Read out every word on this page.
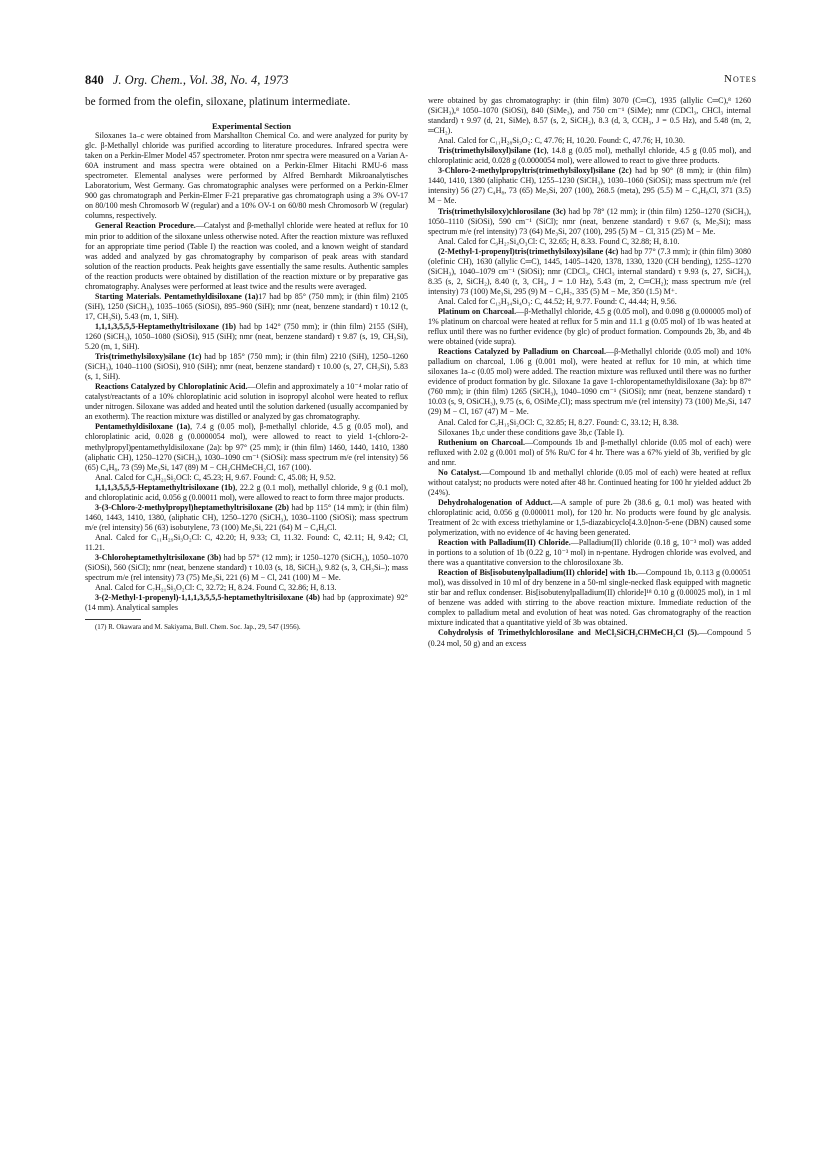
840 J. Org. Chem., Vol. 38, No. 4, 1973	Notes

be formed from the olefin, siloxane, platinum intermediate.

Experimental Section

Siloxanes 1a–c were obtained from Marshallton Chemical Co. and were analyzed for purity by glc. β-Methallyl chloride was purified according to literature procedures. Infrared spectra were taken on a Perkin-Elmer Model 457 spectrometer. Proton nmr spectra were measured on a Varian A-60A instrument and mass spectra were obtained on a Perkin-Elmer Hitachi RMU-6 mass spectrometer. Elemental analyses were performed by Alfred Bernhardt Mikroanalytisches Laboratorium, West Germany. Gas chromatographic analyses were performed on a Perkin-Elmer 900 gas chromatograph and Perkin-Elmer F-21 preparative gas chromatograph using a 3% OV-17 on 80/100 mesh Chromosorb W (regular) and a 10% OV-1 on 60/80 mesh Chromosorb W (regular) columns, respectively.

General Reaction Procedure.—Catalyst and β-methallyl chloride were heated at reflux for 10 min prior to addition of the siloxane unless otherwise noted. After the reaction mixture was refluxed for an appropriate time period (Table I) the reaction was cooled, and a known weight of standard was added and analyzed by gas chromatography by comparison of peak areas with standard solution of the reaction products. Peak heights gave essentially the same results. Authentic samples of the reaction products were obtained by distillation of the reaction mixture or by preparative gas chromatography. Analyses were performed at least twice and the results were averaged.

Starting Materials. Pentamethyldisiloxane (1a)17 had bp 85° (750 mm); ir (thin film) 2105 (SiH), 1250 (SiCH₃), 1035–1065 (SiOSi), 895–960 (SiH); nmr (neat, benzene standard) τ 10.12 (t, 17, CH₃Si), 5.43 (m, 1, SiH).

1,1,1,3,5,5,5-Heptamethyltrisiloxane (1b) had bp 142° (750 mm); ir (thin film) 2155 (SiH), 1260 (SiCH₃), 1050–1080 (SiOSi), 915 (SiH); nmr (neat, benzene standard) τ 9.87 (s, 19, CH₃Si), 5.20 (m, 1, SiH).

Tris(trimethylsiloxy)silane (1c) had bp 185° (750 mm); ir (thin film) 2210 (SiH), 1250–1260 (SiCH₃), 1040–1100 (SiOSi), 910 (SiH); nmr (neat, benzene standard) τ 10.00 (s, 27, CH₃Si), 5.83 (s, 1, SiH).

Reactions Catalyzed by Chloroplatinic Acid.—Olefin and approximately a 10⁻⁴ molar ratio of catalyst/reactants of a 10% chloroplatinic acid solution in isopropyl alcohol were heated to reflux under nitrogen. Siloxane was added and heated until the solution darkened (usually accompanied by an exotherm). The reaction mixture was distilled or analyzed by gas chromatography.

Pentamethyldisiloxane (1a), 7.4 g (0.05 mol), β-methallyl chloride, 4.5 g (0.05 mol), and chloroplatinic acid, 0.028 g (0.0000054 mol), were allowed to react to yield 1-(chloro-2-methylpropyl)pentamethyldisiloxane (2a): bp 97° (25 mm); ir (thin film) 1460, 1440, 1410, 1380 (aliphatic CH), 1250–1270 (SiCH₃), 1030–1090 cm⁻¹ (SiOSi): mass spectrum m/e (rel intensity) 56 (65) C₄H₈, 73 (59) Me₃Si, 147 (89) M − CH₂CHMeCH₂Cl, 167 (100).

Anal. Calcd for C₈H₂₁Si₂OCl: C, 45.23; H, 9.67. Found: C, 45.08; H, 9.52.

1,1,1,3,5,5,5-Heptamethyltrisiloxane (1b), 22.2 g (0.1 mol), methallyl chloride, 9 g (0.1 mol), and chloroplatinic acid, 0.056 g (0.00011 mol), were allowed to react to form three major products.

3-(3-Chloro-2-methylpropyl)heptamethyltrisiloxane (2b) had bp 115° (14 mm); ir (thin film) 1460, 1443, 1410, 1380, (aliphatic CH), 1250–1270 (SiCH₃), 1030–1100 (SiOSi); mass spectrum m/e (rel intensity) 56 (63) isobutylene, 73 (100) Me₃Si, 221 (64) M − C₄H₈Cl.

Anal. Calcd for C₁₁H₂₉Si₃O₂Cl: C, 42.20; H, 9.33; Cl, 11.32. Found: C, 42.11; H, 9.42; Cl, 11.21.

3-Chloroheptamethyltrisiloxane (3b) had bp 57° (12 mm); ir 1250–1270 (SiCH₃), 1050–1070 (SiOSi), 560 (SiCl); nmr (neat, benzene standard) τ 10.03 (s, 18, SiCH₃), 9.82 (s, 3, CH₃Si–); mass spectrum m/e (rel intensity) 73 (75) Me₃Si, 221 (6) M − Cl, 241 (100) M − Me.

Anal. Calcd for C₇H₂₁Si₃O₂Cl: C, 32.72; H, 8.24. Found C, 32.86; H, 8.13.

3-(2-Methyl-1-propenyl)-1,1,1,3,5,5,5-heptamethyltrisiloxane (4b) had bp (approximate) 92° (14 mm). Analytical samples

(17) R. Okawara and M. Sakiyama, Bull. Chem. Soc. Jap., 29, 547 (1956).

were obtained by gas chromatography: ir (thin film) 3070 (C═C), 1935 (allylic C═C),⁸ 1260 (SiCH₃),⁸ 1050–1070 (SiOSi), 840 (SiMe₃), and 750 cm⁻¹ (SiMe); nmr (CDCl₃, CHCl₃ internal standard) τ 9.97 (d, 21, SiMe), 8.57 (s, 2, SiCH₂), 8.3 (d, 3, CCH₃, J = 0.5 Hz), and 5.48 (m, 2, ═CH₂).

Anal. Calcd for C₁₁H₂₈Si₃O₂: C, 47.76; H, 10.20. Found: C, 47.76; H, 10.30.

Tris(trimethylsiloxyl)silane (1c), 14.8 g (0.05 mol), methallyl chloride, 4.5 g (0.05 mol), and chloroplatinic acid, 0.028 g (0.0000054 mol), were allowed to react to give three products.

3-Chloro-2-methylpropyltris(trimethylsiloxyl)silane (2c) had bp 90° (8 mm); ir (thin film) 1440, 1410, 1380 (aliphatic CH), 1255–1230 (SiCH₃), 1030–1060 (SiOSi); mass spectrum m/e (rel intensity) 56 (27) C₄H₈, 73 (65) Me₃Si, 207 (100), 268.5 (meta), 295 (5.5) M − C₄H₈Cl, 371 (3.5) M − Me.

Tris(trimethylsiloxy)chlorosilane (3c) had bp 78° (12 mm); ir (thin film) 1250–1270 (SiCH₃), 1050–1110 (SiOSi), 590 cm⁻¹ (SiCl); nmr (neat, benzene standard) τ 9.67 (s, Me₃Si); mass spectrum m/e (rel intensity) 73 (64) Me₃Si, 207 (100), 295 (5) M − Cl, 315 (25) M − Me.

Anal. Calcd for C₉H₂₇Si₄O₃Cl: C, 32.65; H, 8.33. Found C, 32.88; H, 8.10.

(2-Methyl-1-propenyl)tris(trimethylsiloxy)silane (4c) had bp 77° (7.3 mm); ir (thin film) 3080 (olefinic CH), 1630 (allylic C═C), 1445, 1405–1420, 1378, 1330, 1320 (CH bending), 1255–1270 (SiCH₃), 1040–1079 cm⁻¹ (SiOSi); nmr (CDCl₃, CHCl₃ internal standard) τ 9.93 (s, 27, SiCH₃), 8.35 (s, 2, SiCH₂), 8.40 (t, 3, CH₃, J = 1.0 Hz), 5.43 (m, 2, C═CH₂); mass spectrum m/e (rel intensity) 73 (100) Me₃Si, 295 (9) M − C₄H₇, 335 (5) M − Me, 350 (1.5) M⁺.

Anal. Calcd for C₁₃H₃₄Si₄O₃: C, 44.52; H, 9.77. Found: C, 44.44; H, 9.56.

Platinum on Charcoal.—β-Methallyl chloride, 4.5 g (0.05 mol), and 0.098 g (0.000005 mol) of 1% platinum on charcoal were heated at reflux for 5 min and 11.1 g (0.05 mol) of 1b was heated at reflux until there was no further evidence (by glc) of product formation. Compounds 2b, 3b, and 4b were obtained (vide supra).

Reactions Catalyzed by Palladium on Charcoal.—β-Methallyl chloride (0.05 mol) and 10% palladium on charcoal, 1.06 g (0.001 mol), were heated at reflux for 10 min, at which time siloxanes 1a–c (0.05 mol) were added. The reaction mixture was refluxed until there was no further evidence of product formation by glc. Siloxane 1a gave 1-chloropentamethyldisiloxane (3a): bp 87° (760 mm); ir (thin film) 1265 (SiCH₃), 1040–1090 cm⁻¹ (SiOSi); nmr (neat, benzene standard) τ 10.03 (s, 9, OSiCH₃), 9.75 (s, 6, OSiMe₂Cl); mass spectrum m/e (rel intensity) 73 (100) Me₃Si, 147 (29) M − Cl, 167 (47) M − Me.

Anal. Calcd for C₅H₁₅Si₂OCl: C, 32.85; H, 8.27. Found: C, 33.12; H, 8.38.

Siloxanes 1b,c under these conditions gave 3b,c (Table I).

Ruthenium on Charcoal.—Compounds 1b and β-methallyl chloride (0.05 mol of each) were refluxed with 2.02 g (0.001 mol) of 5% Ru/C for 4 hr. There was a 67% yield of 3b, verified by glc and nmr.

No Catalyst.—Compound 1b and methallyl chloride (0.05 mol of each) were heated at reflux without catalyst; no products were noted after 48 hr. Continued heating for 100 hr yielded adduct 2b (24%).

Dehydrohalogenation of Adduct.—A sample of pure 2b (38.6 g, 0.1 mol) was heated with chloroplatinic acid, 0.056 g (0.000011 mol), for 120 hr. No products were found by glc analysis. Treatment of 2c with excess triethylamine or 1,5-diazabicyclo[4.3.0]non-5-ene (DBN) caused some polymerization, with no evidence of 4c having been generated.

Reaction with Palladium(II) Chloride.—Palladium(II) chloride (0.18 g, 10⁻³ mol) was added in portions to a solution of 1b (0.22 g, 10⁻³ mol) in n-pentane. Hydrogen chloride was evolved, and there was a quantitative conversion to the chlorosiloxane 3b.

Reaction of Bis[isobutenylpalladium(II) chloride] with 1b.—Compound 1b, 0.113 g (0.00051 mol), was dissolved in 10 ml of dry benzene in a 50-ml single-necked flask equipped with magnetic stir bar and reflux condenser. Bis[isobutenylpalladium(II) chloride]¹⁸ 0.10 g (0.00025 mol), in 1 ml of benzene was added with stirring to the above reaction mixture. Immediate reduction of the complex to palladium metal and evolution of heat was noted. Gas chromatography of the reaction mixture indicated that a quantitative yield of 3b was obtained.

Cohydrolysis of Trimethylchlorosilane and MeCl₂SiCH₂CHMeCH₂Cl (5).—Compound 5 (0.24 mol, 50 g) and an excess
